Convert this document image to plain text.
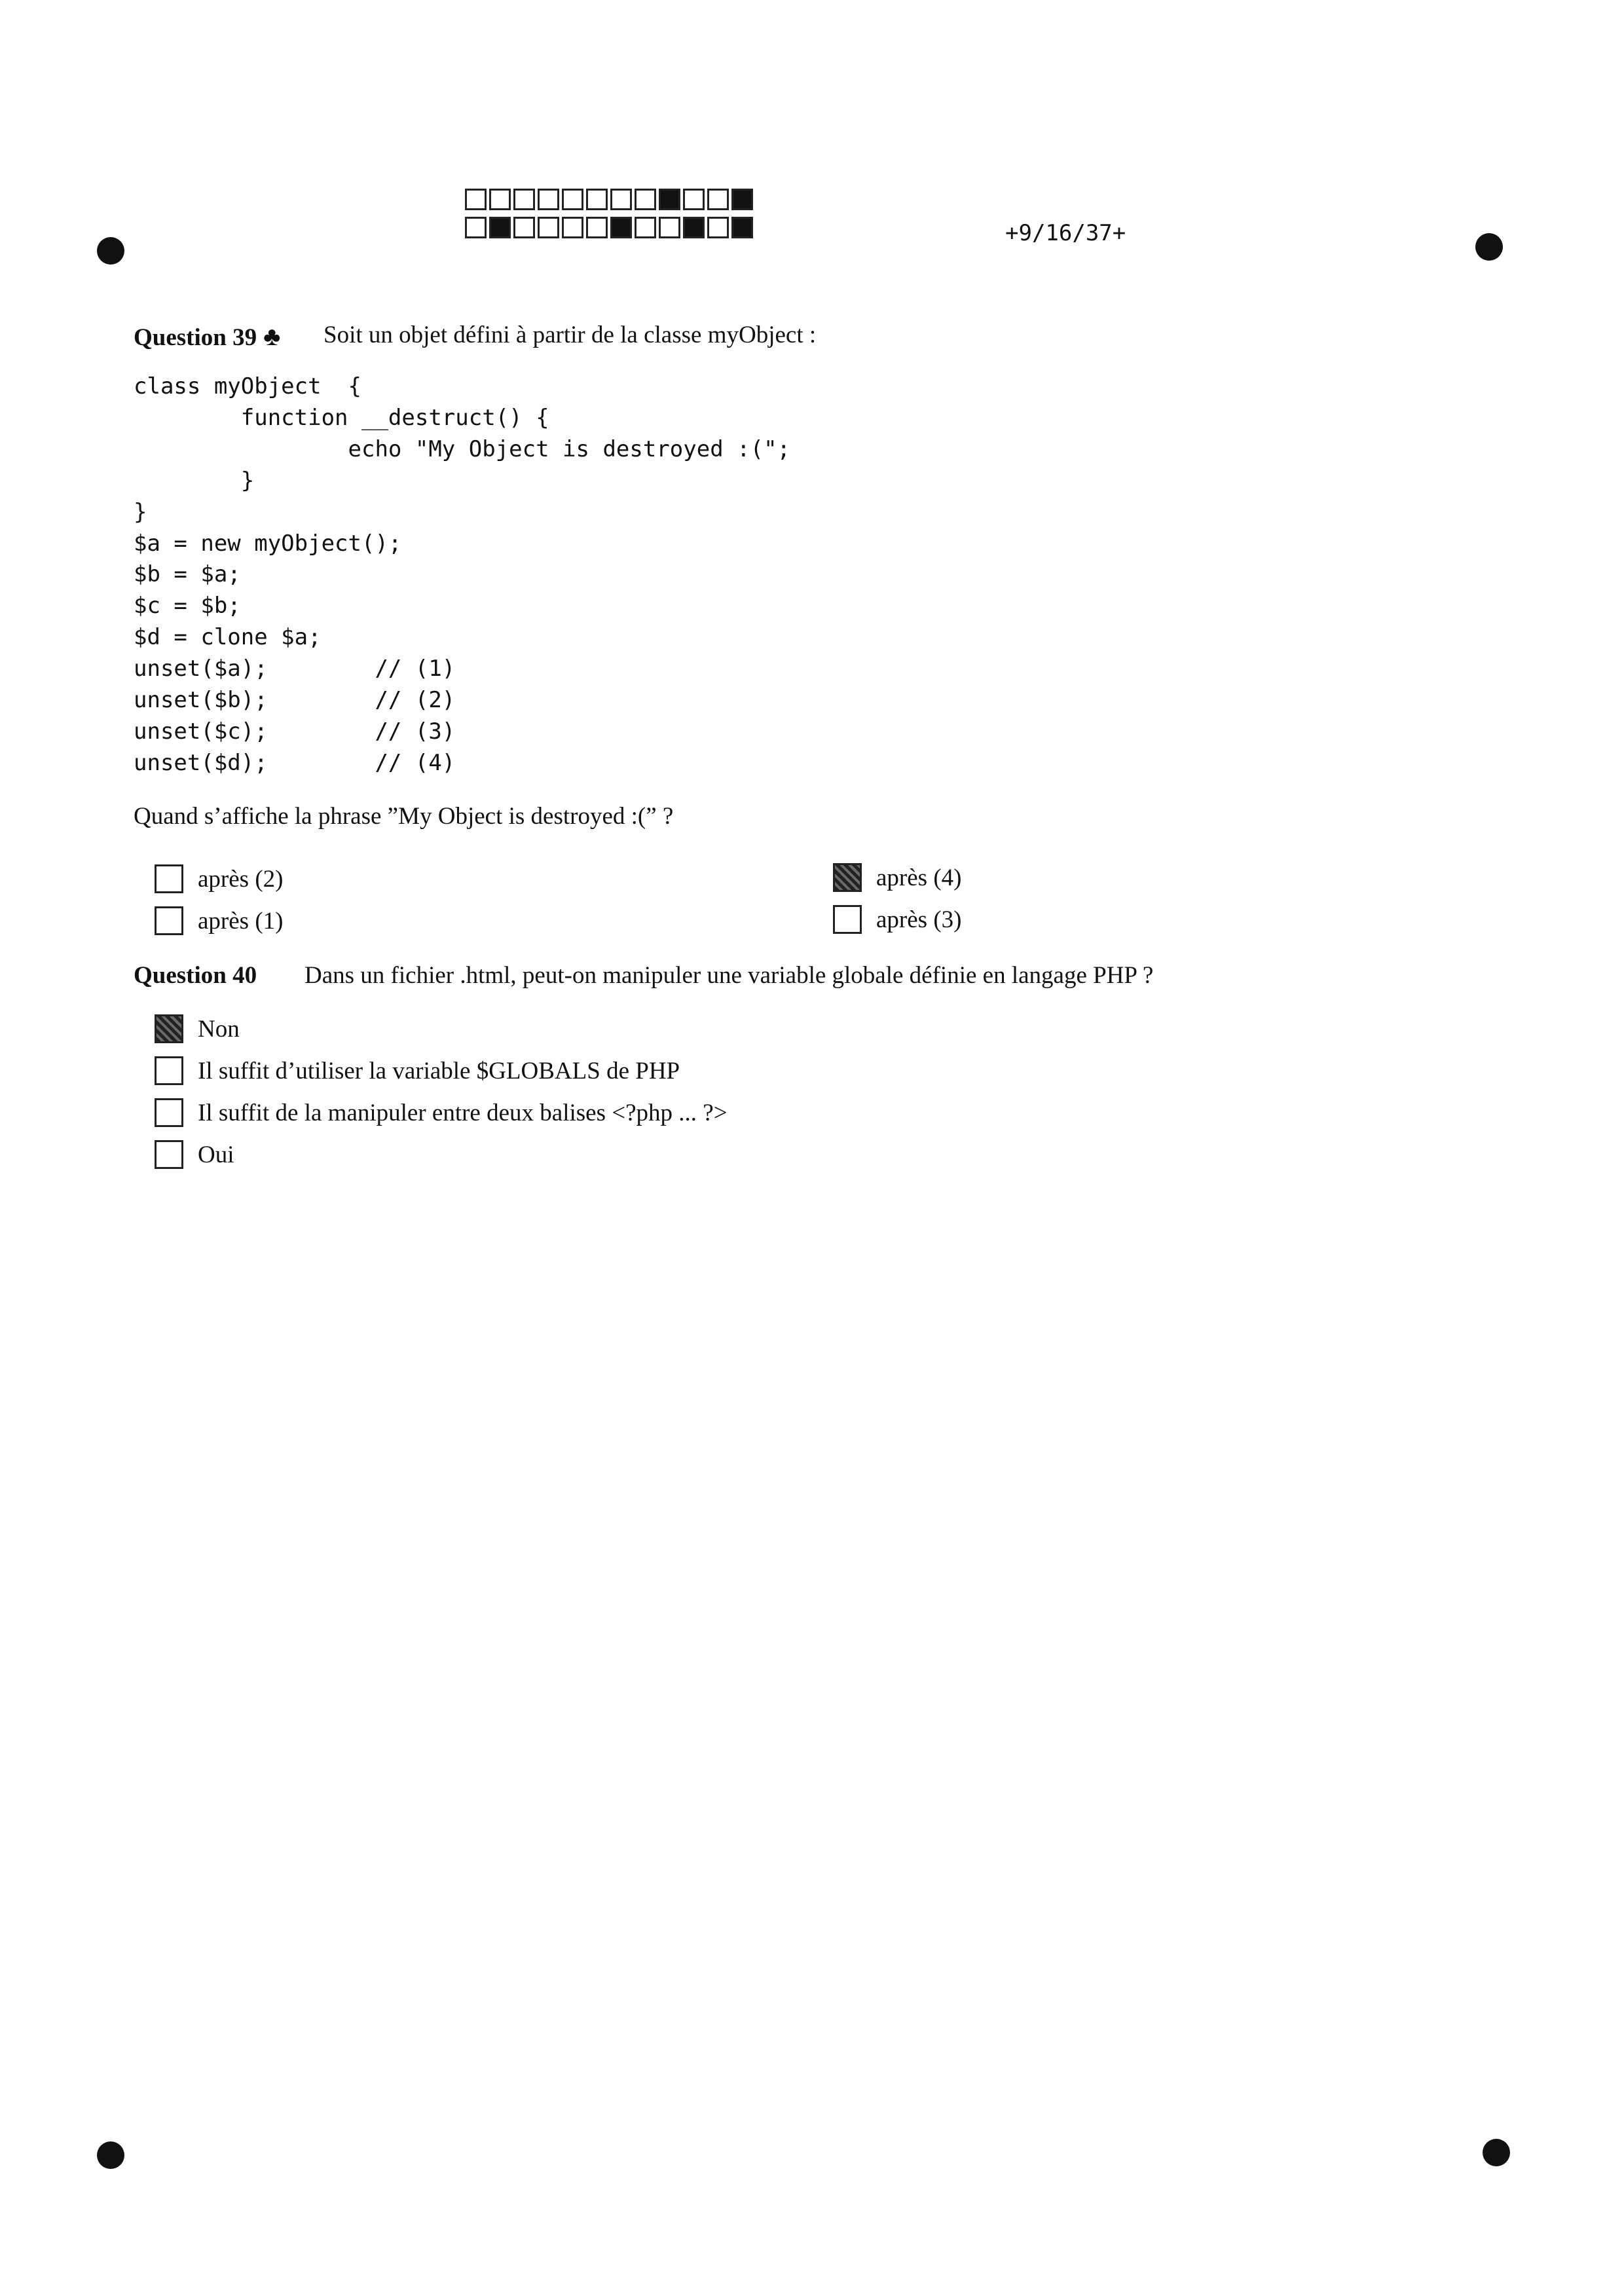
+9/16/37+
Question 39 ♣ Soit un objet défini à partir de la classe myObject :
class myObject  {
function __destruct() {
echo "My Object is destroyed :(";
}
}
$a = new myObject();
$b = $a;
$c = $b;
$d = clone $a;
unset($a);        // (1)
unset($b);        // (2)
unset($c);        // (3)
unset($d);        // (4)
Quand s’affiche la phrase ”My Object is destroyed :(” ?
après (2)
après (1)
après (4)
après (3)
Question 40 Dans un fichier .html, peut-on manipuler une variable globale définie en langage PHP ?
Non
Il suffit d’utiliser la variable $GLOBALS de PHP
Il suffit de la manipuler entre deux balises <?php ... ?>
Oui
